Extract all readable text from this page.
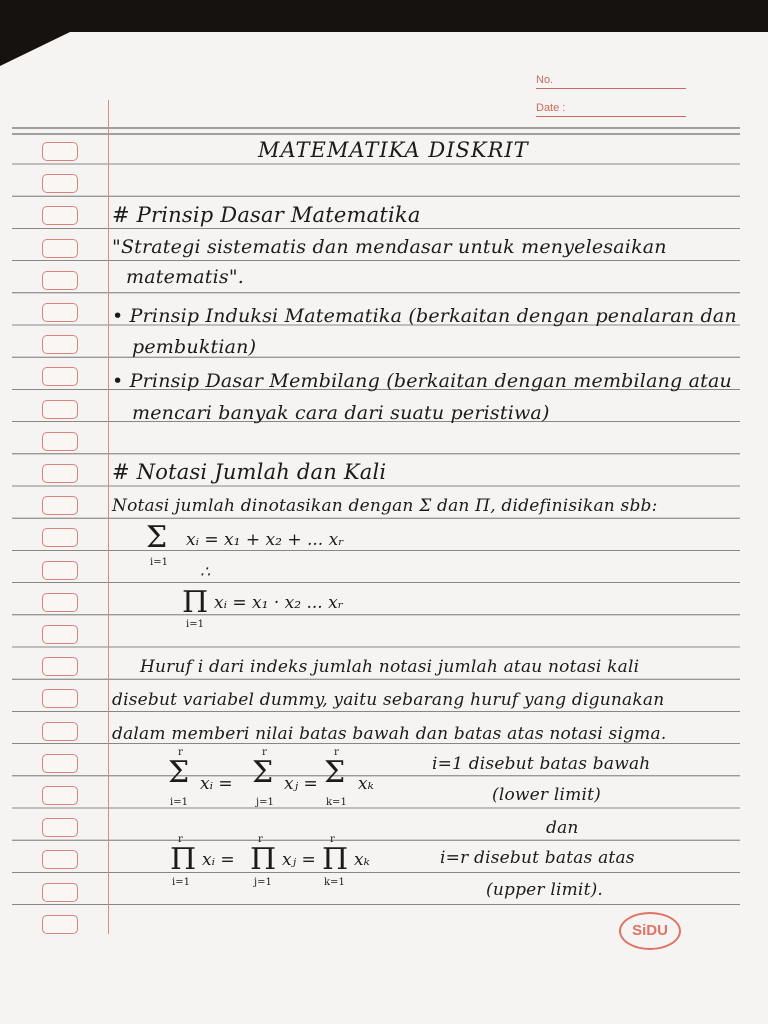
No.
Date :
MATEMATIKA DISKRIT
# Prinsip Dasar Matematika
"Strategi sistematis dan mendasar untuk menyelesaikan
matematis".
• Prinsip Induksi Matematika (berkaitan dengan penalaran dan
pembuktian)
• Prinsip Dasar Membilang (berkaitan dengan membilang atau
mencari banyak cara dari suatu peristiwa)
# Notasi Jumlah dan Kali
Notasi jumlah dinotasikan dengan Σ dan Π, didefinisikan sbb:
Σ xᵢ = x₁ + x₂ + ... xᵣ
i=1 ∴
Π xᵢ = x₁ · x₂ ... xᵣ
i=1
Huruf i dari indeks jumlah notasi jumlah atau notasi kali
disebut variabel dummy, yaitu sebarang huruf yang digunakan
dalam memberi nilai batas bawah dan batas atas notasi sigma.
r
Σ xᵢ =
i=1
r
Σ xⱼ =
j=1
r
Σ xₖ
k=1
i=1 disebut batas bawah
(lower limit)
dan
r
Π xᵢ =
i=1
r
Π xⱼ =
j=1
r
Π xₖ
k=1
i=r disebut batas atas
(upper limit).
SiDU
